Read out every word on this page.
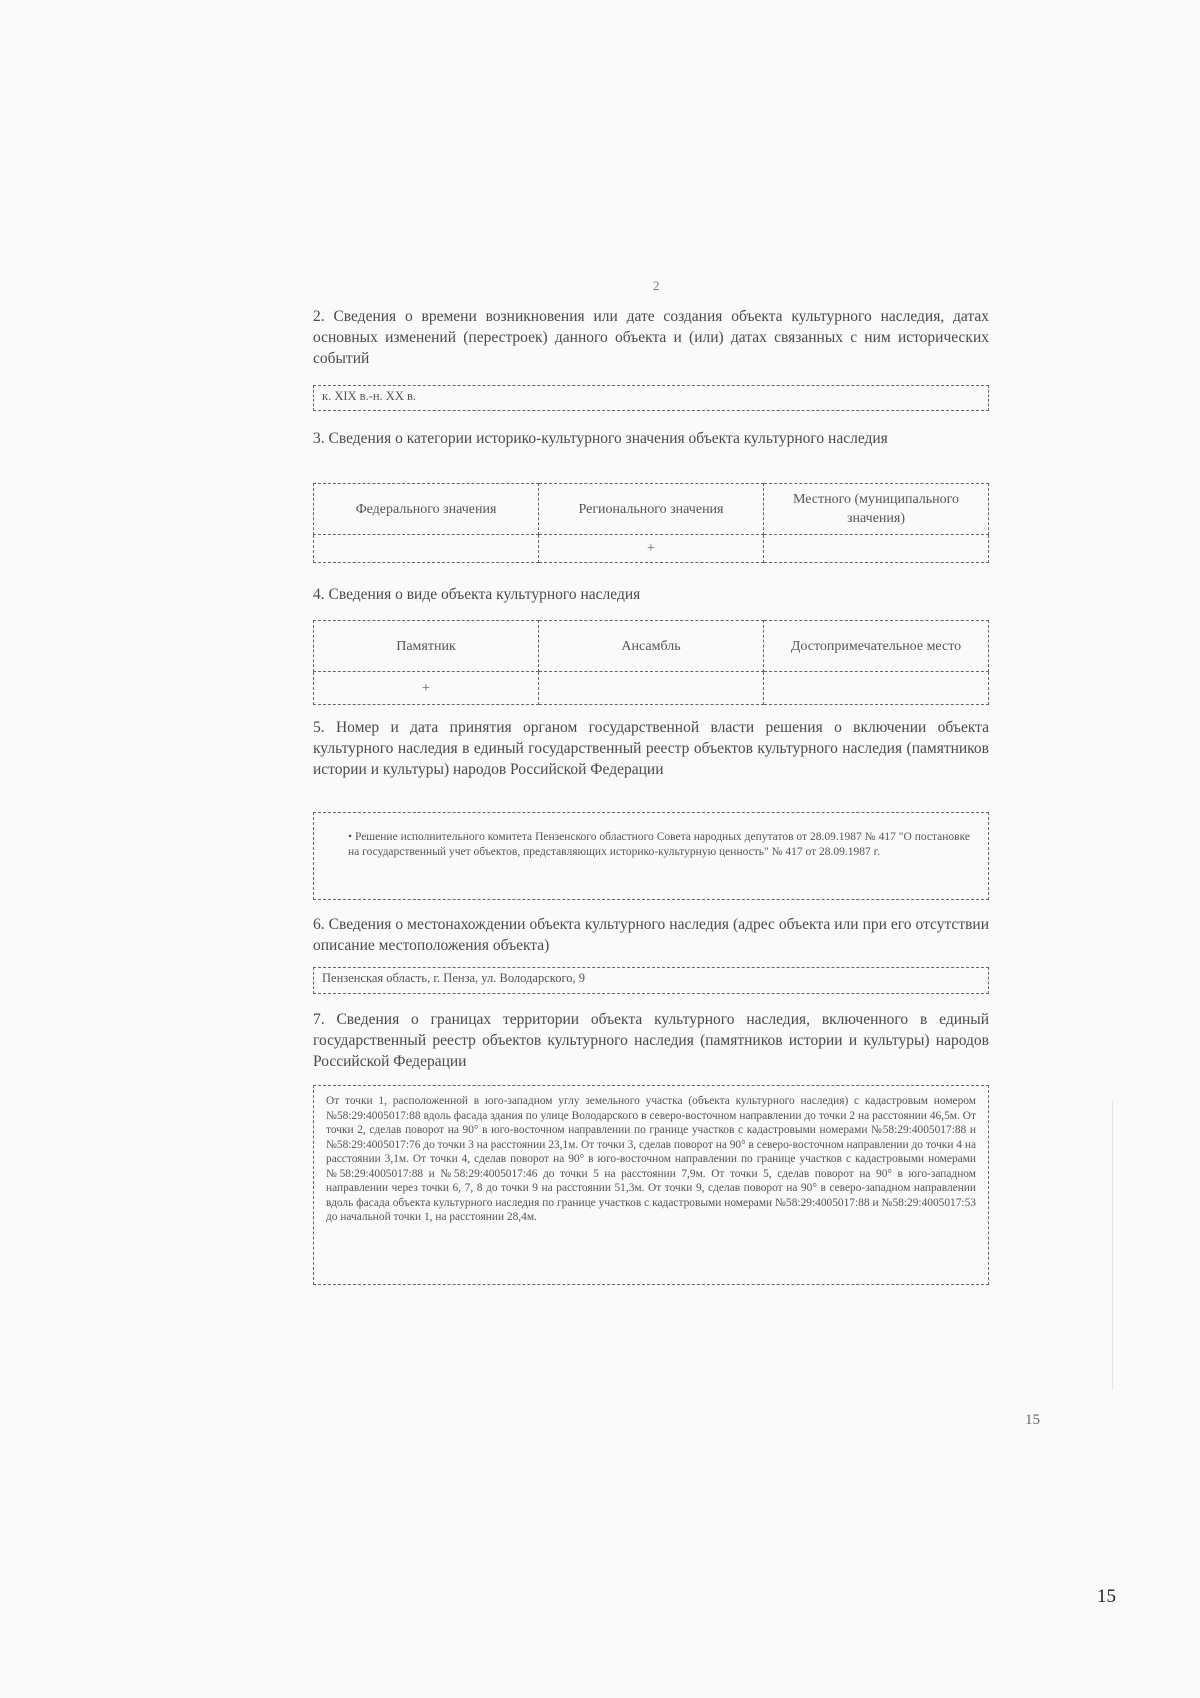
2
2. Сведения о времени возникновения или дате создания объекта культурного наследия, датах основных изменений (перестроек) данного объекта и (или) датах связанных с ним исторических событий
к. XIX в.-н. XX в.
3. Сведения о категории историко-культурного значения объекта культурного наследия
Федерального значения	Регионального значения	Местного (муниципального значения)
	+	
4. Сведения о виде объекта культурного наследия
Памятник	Ансамбль	Достопримечательное место
+		
5. Номер и дата принятия органом государственной власти решения о включении объекта культурного наследия в единый государственный реестр объектов культурного наследия (памятников истории и культуры) народов Российской Федерации
• Решение исполнительного комитета Пензенского областного Совета народных депутатов от 28.09.1987 № 417 "О постановке на государственный учет объектов, представляющих историко-культурную ценность" № 417 от 28.09.1987 г.
6. Сведения о местонахождении объекта культурного наследия (адрес объекта или при его отсутствии описание местоположения объекта)
Пензенская область, г. Пенза, ул. Володарского, 9
7. Сведения о границах территории объекта культурного наследия, включенного в единый государственный реестр объектов культурного наследия (памятников истории и культуры) народов Российской Федерации
От точки 1, расположенной в юго-западном углу земельного участка (объекта культурного наследия) с кадастровым номером №58:29:4005017:88 вдоль фасада здания по улице Володарского в северо-восточном направлении до точки 2 на расстоянии 46,5м. От точки 2, сделав поворот на 90° в юго-восточном направлении по границе участков с кадастровыми номерами №58:29:4005017:88 и №58:29:4005017:76 до точки 3 на расстоянии 23,1м. От точки 3, сделав поворот на 90° в северо-восточном направлении до точки 4 на расстоянии 3,1м. От точки 4, сделав поворот на 90° в юго-восточном направлении по границе участков с кадастровыми номерами №58:29:4005017:88 и №58:29:4005017:46 до точки 5 на расстоянии 7,9м. От точки 5, сделав поворот на 90° в юго-западном направлении через точки 6, 7, 8 до точки 9 на расстоянии 51,3м. От точки 9, сделав поворот на 90° в северо-западном направлении вдоль фасада объекта культурного наследия по границе участков с кадастровыми номерами №58:29:4005017:88 и №58:29:4005017:53 до начальной точки 1, на расстоянии 28,4м.
15
15
